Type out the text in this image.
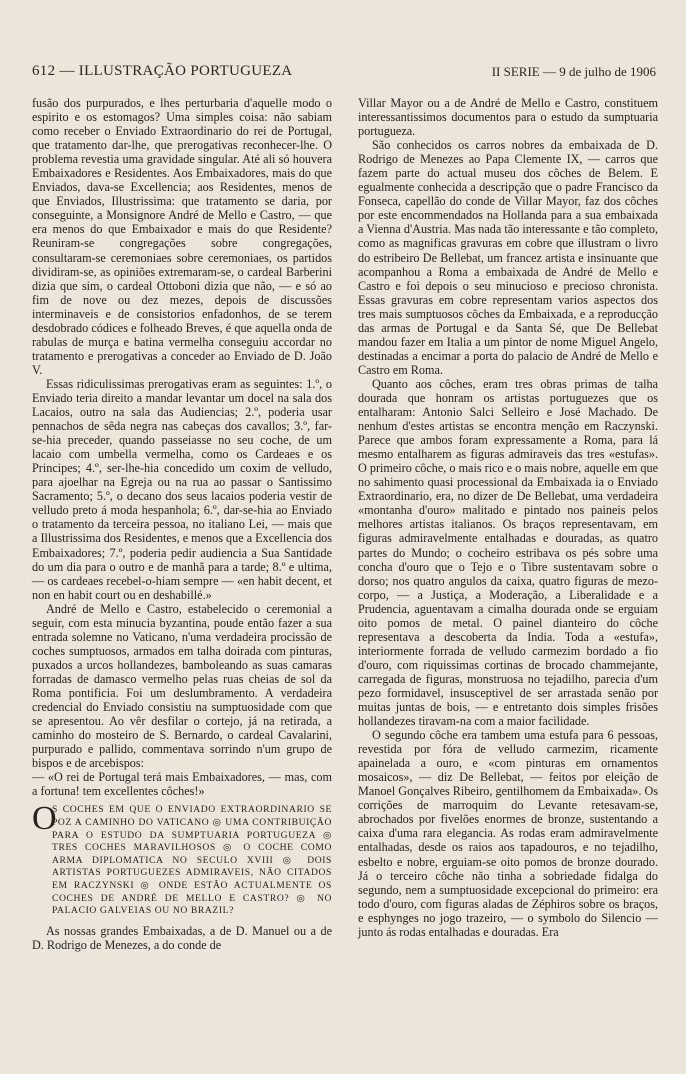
612 — ILLUSTRAÇÃO PORTUGUEZA	II SERIE — 9 de julho de 1906

fusão dos purpurados, e lhes perturbaria d'aquelle modo o espirito e os estomagos? Uma simples coisa: não sabiam como receber o Enviado Extraordinario do rei de Portugal, que tratamento dar-lhe, que prerogativas reconhecer-lhe. O problema revestia uma gravidade singular. Até ali só houvera Embaixadores e Residentes. Aos Embaixadores, mais do que Enviados, dava-se Excellencia; aos Residentes, menos de que Enviados, Illustrissima: que tratamento se daria, por conseguinte, a Monsignore André de Mello e Castro, — que era menos do que Embaixador e mais do que Residente? Reuniram-se congregações sobre congregações, consultaram-se ceremoniaes sobre ceremoniaes, os partidos dividiram-se, as opiniões extremaram-se, o cardeal Barberini dizia que sim, o cardeal Ottoboni dizia que não, — e só ao fim de nove ou dez mezes, depois de discussões interminaveis e de consistorios enfadonhos, de se terem desdobrado códices e folheado Breves, é que aquella onda de rabulas de murça e batina vermelha conseguiu accordar no tratamento e prerogativas a conceder ao Enviado de D. João V.

Essas ridiculissimas prerogativas eram as seguintes: 1.º, o Enviado teria direito a mandar levantar um docel na sala dos Lacaios, outro na sala das Audiencias; 2.º, poderia usar pennachos de sêda negra nas cabeças dos cavallos; 3.º, far-se-hia preceder, quando passeiasse no seu coche, de um lacaio com umbella vermelha, como os Cardeaes e os Principes; 4.º, ser-lhe-hia concedido um coxim de velludo, para ajoelhar na Egreja ou na rua ao passar o Santissimo Sacramento; 5.º, o decano dos seus lacaios poderia vestir de velludo preto á moda hespanhola; 6.º, dar-se-hia ao Enviado o tratamento da terceira pessoa, no italiano Lei, — mais que a Illustrissima dos Residentes, e menos que a Excellencia dos Embaixadores; 7.º, poderia pedir audiencia a Sua Santidade do um dia para o outro e de manhã para a tarde; 8.º e ultima, — os cardeaes recebel-o-hiam sempre — «en habit decent, et non en habit court ou en deshabillé.»

André de Mello e Castro, estabelecido o ceremonial a seguir, com esta minucia byzantina, poude então fazer a sua entrada solemne no Vaticano, n'uma verdadeira procissão de coches sumptuosos, armados em talha doirada com pinturas, puxados a urcos hollandezes, bamboleando as suas camaras forradas de damasco vermelho pelas ruas cheias de sol da Roma pontificia. Foi um deslumbramento. A verdadeira credencial do Enviado consistiu na sumptuosidade com que se apresentou. Ao vêr desfilar o cortejo, já na retirada, a caminho do mosteiro de S. Bernardo, o cardeal Cavalarini, purpurado e pallido, commentava sorrindo n'um grupo de bispos e de arcebispos:

— «O rei de Portugal terá mais Embaixadores, — mas, com a fortuna! tem excellentes côches!»

O
S COCHES EM QUE O ENVIADO EXTRAORDINARIO SE POZ A CAMINHO DO VATICANO ◎ UMA CONTRIBUIÇÃO PARA O ESTUDO DA SUMPTUARIA PORTUGUEZA ◎ TRES COCHES MARAVILHOSOS ◎ O COCHE COMO ARMA DIPLOMATICA NO SECULO XVIII ◎ DOIS ARTISTAS PORTUGUEZES ADMIRAVEIS, NÃO CITADOS EM RACZYNSKI ◎ ONDE ESTÃO ACTUALMENTE OS COCHES DE ANDRÉ DE MELLO E CASTRO? ◎ NO PALACIO GALVEIAS OU NO BRAZIL?

As nossas grandes Embaixadas, a de D. Manuel ou a de D. Rodrigo de Menezes, a do conde de

Villar Mayor ou a de André de Mello e Castro, constituem interessantissimos documentos para o estudo da sumptuaria portugueza.

São conhecidos os carros nobres da embaixada de D. Rodrigo de Menezes ao Papa Clemente IX, — carros que fazem parte do actual museu dos côches de Belem. E egualmente conhecida a descripção que o padre Francisco da Fonseca, capellão do conde de Villar Mayor, faz dos côches por este encommendados na Hollanda para a sua embaixada a Vienna d'Austria. Mas nada tão interessante e tão completo, como as magnificas gravuras em cobre que illustram o livro do estribeiro De Bellebat, um francez artista e insinuante que acompanhou a Roma a embaixada de André de Mello e Castro e foi depois o seu minucioso e precioso chronista. Essas gravuras em cobre representam varios aspectos dos tres mais sumptuosos côches da Embaixada, e a reproducção das armas de Portugal e da Santa Sé, que De Bellebat mandou fazer em Italia a um pintor de nome Miguel Angelo, destinadas a encimar a porta do palacio de André de Mello e Castro em Roma.

Quanto aos côches, eram tres obras primas de talha dourada que honram os artistas portuguezes que os entalharam: Antonio Salci Selleiro e José Machado. De nenhum d'estes artistas se encontra menção em Raczynski. Parece que ambos foram expressamente a Roma, para lá mesmo entalharem as figuras admiraveis das tres «estufas». O primeiro côche, o mais rico e o mais nobre, aquelle em que no sahimento quasi processional da Embaixada ia o Enviado Extraordinario, era, no dizer de De Bellebat, uma verdadeira «montanha d'ouro» malitado e pintado nos paineis pelos melhores artistas italianos. Os braços representavam, em figuras admiravelmente entalhadas e douradas, as quatro partes do Mundo; o cocheiro estribava os pés sobre uma concha d'ouro que o Tejo e o Tibre sustentavam sobre o dorso; nos quatro angulos da caixa, quatro figuras de mezo-corpo, — a Justiça, a Moderação, a Liberalidade e a Prudencia, aguentavam a cimalha dourada onde se erguiam oito pomos de metal. O painel dianteiro do côche representava a descoberta da India. Toda a «estufa», interiormente forrada de velludo carmezim bordado a fio d'ouro, com riquissimas cortinas de brocado chammejante, carregada de figuras, monstruosa no tejadilho, parecia d'um pezo formidavel, insusceptivel de ser arrastada senão por muitas juntas de bois, — e entretanto dois simples frisões hollandezes tiravam-na com a maior facilidade.

O segundo côche era tambem uma estufa para 6 pessoas, revestida por fóra de velludo carmezim, ricamente apainelada a ouro, e «com pinturas em ornamentos mosaicos», — diz De Bellebat, — feitos por eleição de Manoel Gonçalves Ribeiro, gentilhomem da Embaixada». Os corrições de marroquim do Levante retesavam-se, abrochados por fivelões enormes de bronze, sustentando a caixa d'uma rara elegancia. As rodas eram admiravelmente entalhadas, desde os raios aos tapadouros, e no tejadilho, esbelto e nobre, erguiam-se oito pomos de bronze dourado. Já o terceiro côche não tinha a sobriedade fidalga do segundo, nem a sumptuosidade excepcional do primeiro: era todo d'ouro, com figuras aladas de Zéphiros sobre os braços, e esphynges no jogo trazeiro, — o symbolo do Silencio — junto ás rodas entalhadas e douradas. Era
